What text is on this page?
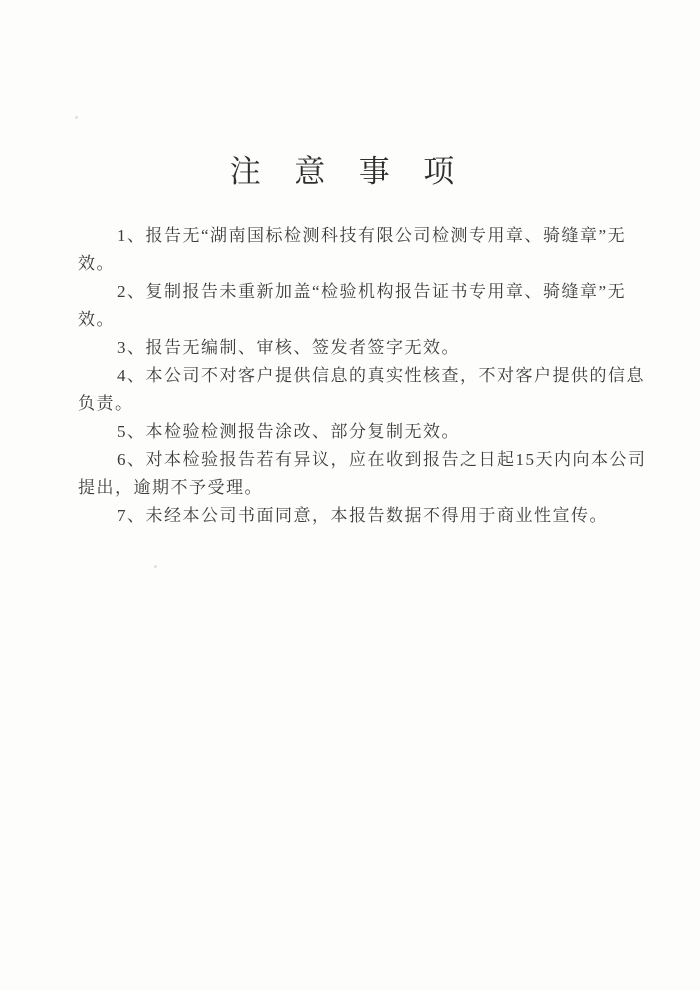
注  意  事  项
1、报告无“湖南国标检测科技有限公司检测专用章、骑缝章”无
效。
2、复制报告未重新加盖“检验机构报告证书专用章、骑缝章”无
效。
3、报告无编制、审核、签发者签字无效。
4、本公司不对客户提供信息的真实性核查，不对客户提供的信息
负责。
5、本检验检测报告涂改、部分复制无效。
6、对本检验报告若有异议，应在收到报告之日起15天内向本公司
提出，逾期不予受理。
7、未经本公司书面同意，本报告数据不得用于商业性宣传。
